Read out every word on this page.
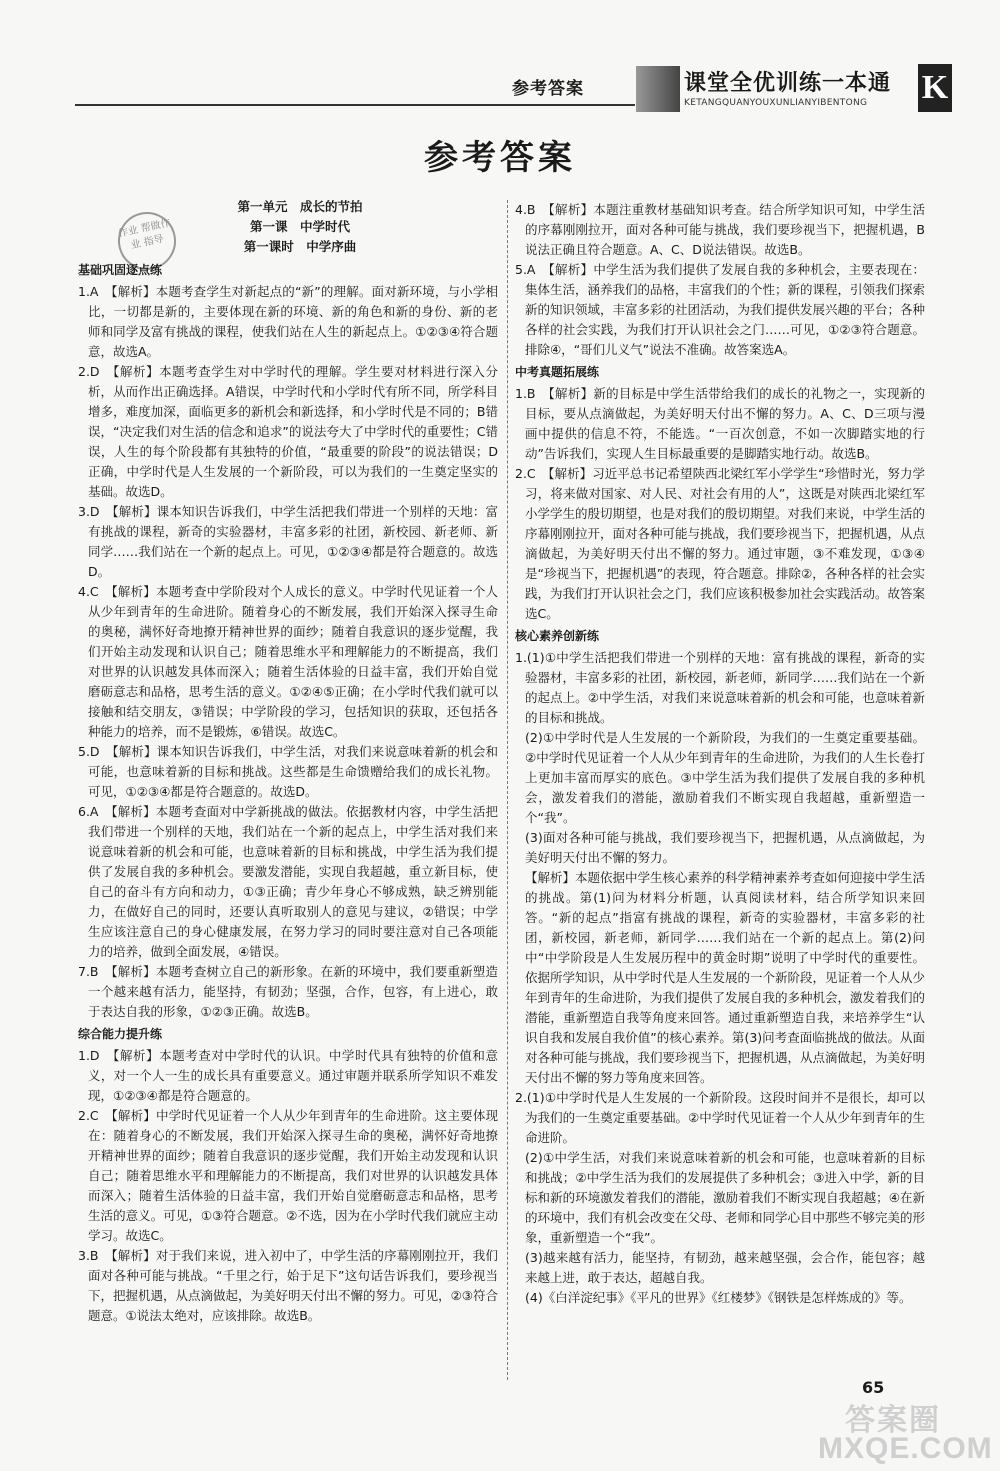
参考答案	课堂全优训练一本通
KETANGQUANYOUXUNLIANYIBENTONG K
参考答案
作业 帮做作业 指导
第一单元　成长的节拍
第一课　中学时代
第一课时　中学序曲
基础巩固逐点练

1.A　【解析】本题考查学生对新起点的“新”的理解。面对新环境，与小学相比，一切都是新的，主要体现在新的环境、新的角色和新的身份、新的老师和同学及富有挑战的课程，使我们站在人生的新起点上。①②③④符合题意，故选A。

2.D　【解析】本题考查学生对中学时代的理解。学生要对材料进行深入分析，从而作出正确选择。A错误，中学时代和小学时代有所不同，所学科目增多，难度加深，面临更多的新机会和新选择，和小学时代是不同的；B错误，“决定我们对生活的信念和追求”的说法夸大了中学时代的重要性；C错误，人生的每个阶段都有其独特的价值，“最重要的阶段”的说法错误；D正确，中学时代是人生发展的一个新阶段，可以为我们的一生奠定坚实的基础。故选D。

3.D　【解析】课本知识告诉我们，中学生活把我们带进一个别样的天地：富有挑战的课程，新奇的实验器材，丰富多彩的社团，新校园、新老师、新同学……我们站在一个新的起点上。可见，①②③④都是符合题意的。故选D。

4.C　【解析】本题考查中学阶段对个人成长的意义。中学时代见证着一个人从少年到青年的生命进阶。随着身心的不断发展，我们开始深入探寻生命的奥秘，满怀好奇地撩开精神世界的面纱；随着自我意识的逐步觉醒，我们开始主动发现和认识自己；随着思维水平和理解能力的不断提高，我们对世界的认识越发具体而深入；随着生活体验的日益丰富，我们开始自觉磨砺意志和品格，思考生活的意义。①②④⑤正确；在小学时代我们就可以接触和结交朋友，③错误；中学阶段的学习，包括知识的获取，还包括各种能力的培养，而不是锻炼，⑥错误。故选C。

5.D　【解析】课本知识告诉我们，中学生活，对我们来说意味着新的机会和可能，也意味着新的目标和挑战。这些都是生命馈赠给我们的成长礼物。可见，①②③④都是符合题意的。故选D。

6.A　【解析】本题考查面对中学新挑战的做法。依据教材内容，中学生活把我们带进一个别样的天地，我们站在一个新的起点上，中学生活对我们来说意味着新的机会和可能，也意味着新的目标和挑战，中学生活为我们提供了发展自我的多种机会。要激发潜能，实现自我超越，重立新目标，使自己的奋斗有方向和动力，①③正确；青少年身心不够成熟，缺乏辨别能力，在做好自己的同时，还要认真听取别人的意见与建议，②错误；中学生应该注意自己的身心健康发展，在努力学习的同时要注意对自己各项能力的培养，做到全面发展，④错误。

7.B　【解析】本题考查树立自己的新形象。在新的环境中，我们要重新塑造一个越来越有活力，能坚持，有韧劲；坚强，合作，包容，有上进心，敢于表达自我的形象，①②③正确。故选B。

综合能力提升练

1.D　【解析】本题考查对中学时代的认识。中学时代具有独特的价值和意义，对一个人一生的成长具有重要意义。通过审题并联系所学知识不难发现，①②③④都是符合题意的。

2.C　【解析】中学时代见证着一个人从少年到青年的生命进阶。这主要体现在：随着身心的不断发展，我们开始深入探寻生命的奥秘，满怀好奇地撩开精神世界的面纱；随着自我意识的逐步觉醒，我们开始主动发现和认识自己；随着思维水平和理解能力的不断提高，我们对世界的认识越发具体而深入；随着生活体验的日益丰富，我们开始自觉磨砺意志和品格，思考生活的意义。可见，①③符合题意。②不选，因为在小学时代我们就应主动学习。故选C。

3.B　【解析】对于我们来说，进入初中了，中学生活的序幕刚刚拉开，我们面对各种可能与挑战。“千里之行，始于足下”这句话告诉我们，要珍视当下，把握机遇，从点滴做起，为美好明天付出不懈的努力。可见，②③符合题意。①说法太绝对，应该排除。故选B。

4.B　【解析】本题注重教材基础知识考查。结合所学知识可知，中学生活的序幕刚刚拉开，面对各种可能与挑战，我们要珍视当下，把握机遇，B说法正确且符合题意。A、C、D说法错误。故选B。

5.A　【解析】中学生活为我们提供了发展自我的多种机会，主要表现在：集体生活，涵养我们的品格，丰富我们的个性；新的课程，引领我们探索新的知识领域，丰富多彩的社团活动，为我们提供发展兴趣的平台；各种各样的社会实践，为我们打开认识社会之门……可见，①②③符合题意。排除④，“哥们儿义气”说法不准确。故答案选A。

中考真题拓展练

1.B　【解析】新的目标是中学生活带给我们的成长的礼物之一，实现新的目标，要从点滴做起，为美好明天付出不懈的努力。A、C、D三项与漫画中提供的信息不符，不能选。“一百次创意，不如一次脚踏实地的行动”告诉我们，实现人生目标最重要的是脚踏实地行动。故选B。

2.C　【解析】习近平总书记希望陕西北梁红军小学学生“珍惜时光，努力学习，将来做对国家、对人民、对社会有用的人”，这既是对陕西北梁红军小学学生的殷切期望，也是对我们的殷切期望。对我们来说，中学生活的序幕刚刚拉开，面对各种可能与挑战，我们要珍视当下，把握机遇，从点滴做起，为美好明天付出不懈的努力。通过审题，③不难发现，①③④是“珍视当下，把握机遇”的表现，符合题意。排除②，各种各样的社会实践，为我们打开认识社会之门，我们应该积极参加社会实践活动。故答案选C。

核心素养创新练

1.(1)①中学生活把我们带进一个别样的天地：富有挑战的课程，新奇的实验器材，丰富多彩的社团，新校园，新老师，新同学……我们站在一个新的起点上。②中学生活，对我们来说意味着新的机会和可能，也意味着新的目标和挑战。

(2)①中学时代是人生发展的一个新阶段，为我们的一生奠定重要基础。②中学时代见证着一个人从少年到青年的生命进阶，为我们的人生长卷打上更加丰富而厚实的底色。③中学生活为我们提供了发展自我的多种机会，激发着我们的潜能，激励着我们不断实现自我超越，重新塑造一个“我”。

(3)面对各种可能与挑战，我们要珍视当下，把握机遇，从点滴做起，为美好明天付出不懈的努力。

【解析】本题依据中学生核心素养的科学精神素养考查如何迎接中学生活的挑战。第(1)问为材料分析题，认真阅读材料，结合所学知识来回答。“新的起点”指富有挑战的课程，新奇的实验器材，丰富多彩的社团，新校园，新老师，新同学……我们站在一个新的起点上。第(2)问中“中学阶段是人生发展历程中的黄金时期”说明了中学时代的重要性。依据所学知识，从中学时代是人生发展的一个新阶段，见证着一个人从少年到青年的生命进阶，为我们提供了发展自我的多种机会，激发着我们的潜能，重新塑造自我等角度来回答。通过重新塑造自我，来培养学生“认识自我和发展自我价值”的核心素养。第(3)问考查面临挑战的做法。从面对各种可能与挑战，我们要珍视当下，把握机遇，从点滴做起，为美好明天付出不懈的努力等角度来回答。

2.(1)①中学时代是人生发展的一个新阶段。这段时间并不是很长，却可以为我们的一生奠定重要基础。②中学时代见证着一个人从少年到青年的生命进阶。

(2)①中学生活，对我们来说意味着新的机会和可能，也意味着新的目标和挑战；②中学生活为我们的发展提供了多种机会；③进入中学，新的目标和新的环境激发着我们的潜能，激励着我们不断实现自我超越；④在新的环境中，我们有机会改变在父母、老师和同学心目中那些不够完美的形象，重新塑造一个“我”。

(3)越来越有活力，能坚持，有韧劲，越来越坚强，会合作，能包容；越来越上进，敢于表达，超越自我。

(4)《白洋淀纪事》《平凡的世界》《红楼梦》《钢铁是怎样炼成的》等。

65
答案圈
MXQE.COM
